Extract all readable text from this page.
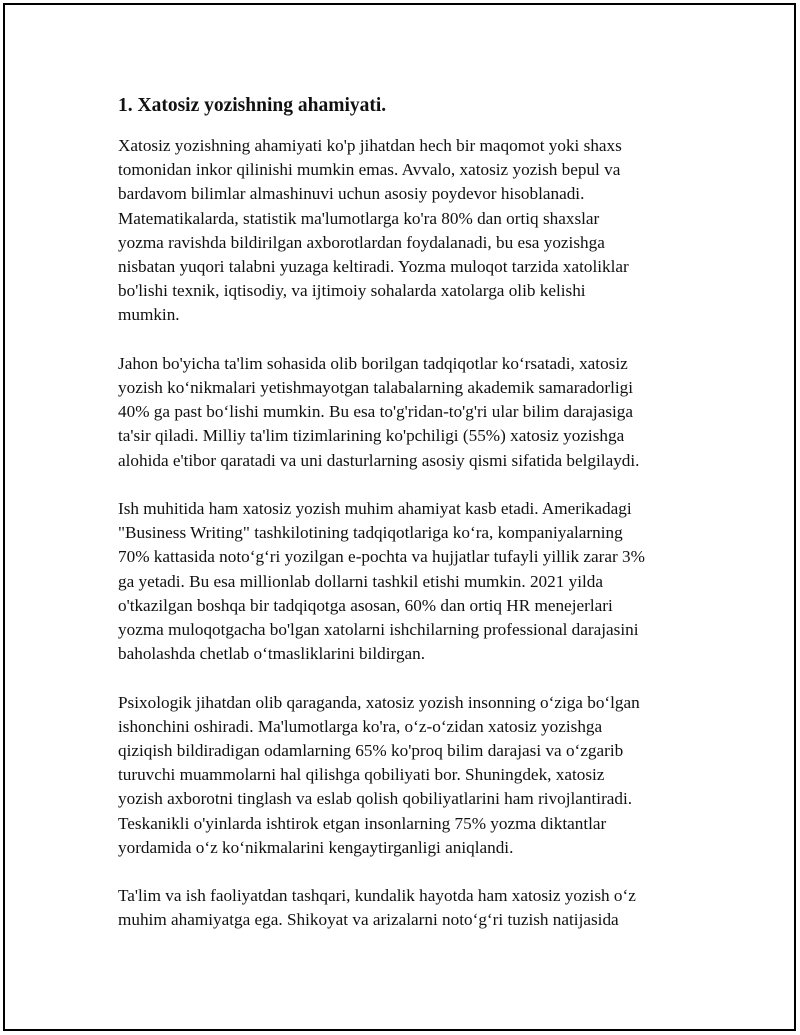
1. Xatosiz yozishning ahamiyati.

Xatosiz yozishning ahamiyati ko'p jihatdan hech bir maqomot yoki shaxs
tomonidan inkor qilinishi mumkin emas. Avvalo, xatosiz yozish bepul va
bardavom bilimlar almashinuvi uchun asosiy poydevor hisoblanadi.
Matematikalarda, statistik ma'lumotlarga ko'ra 80% dan ortiq shaxslar
yozma ravishda bildirilgan axborotlardan foydalanadi, bu esa yozishga
nisbatan yuqori talabni yuzaga keltiradi. Yozma muloqot tarzida xatoliklar
bo'lishi texnik, iqtisodiy, va ijtimoiy sohalarda xatolarga olib kelishi
mumkin.

Jahon bo'yicha ta'lim sohasida olib borilgan tadqiqotlar ko‘rsatadi, xatosiz
yozish ko‘nikmalari yetishmayotgan talabalarning akademik samaradorligi
40% ga past bo‘lishi mumkin. Bu esa to'g'ridan-to'g'ri ular bilim darajasiga
ta'sir qiladi. Milliy ta'lim tizimlarining ko'pchiligi (55%) xatosiz yozishga
alohida e'tibor qaratadi va uni dasturlarning asosiy qismi sifatida belgilaydi.

Ish muhitida ham xatosiz yozish muhim ahamiyat kasb etadi. Amerikadagi
"Business Writing" tashkilotining tadqiqotlariga ko‘ra, kompaniyalarning
70% kattasida noto‘g‘ri yozilgan e-pochta va hujjatlar tufayli yillik zarar 3%
ga yetadi. Bu esa millionlab dollarni tashkil etishi mumkin. 2021 yilda
o'tkazilgan boshqa bir tadqiqotga asosan, 60% dan ortiq HR menejerlari
yozma muloqotgacha bo'lgan xatolarni ishchilarning professional darajasini
baholashda chetlab o‘tmasliklarini bildirgan.

Psixologik jihatdan olib qaraganda, xatosiz yozish insonning o‘ziga bo‘lgan
ishonchini oshiradi. Ma'lumotlarga ko'ra, o‘z-o‘zidan xatosiz yozishga
qiziqish bildiradigan odamlarning 65% ko'proq bilim darajasi va o‘zgarib
turuvchi muammolarni hal qilishga qobiliyati bor. Shuningdek, xatosiz
yozish axborotni tinglash va eslab qolish qobiliyatlarini ham rivojlantiradi.
Teskanikli o'yinlarda ishtirok etgan insonlarning 75% yozma diktantlar
yordamida o‘z ko‘nikmalarini kengaytirganligi aniqlandi.

Ta'lim va ish faoliyatdan tashqari, kundalik hayotda ham xatosiz yozish o‘z
muhim ahamiyatga ega. Shikoyat va arizalarni noto‘g‘ri tuzish natijasida
